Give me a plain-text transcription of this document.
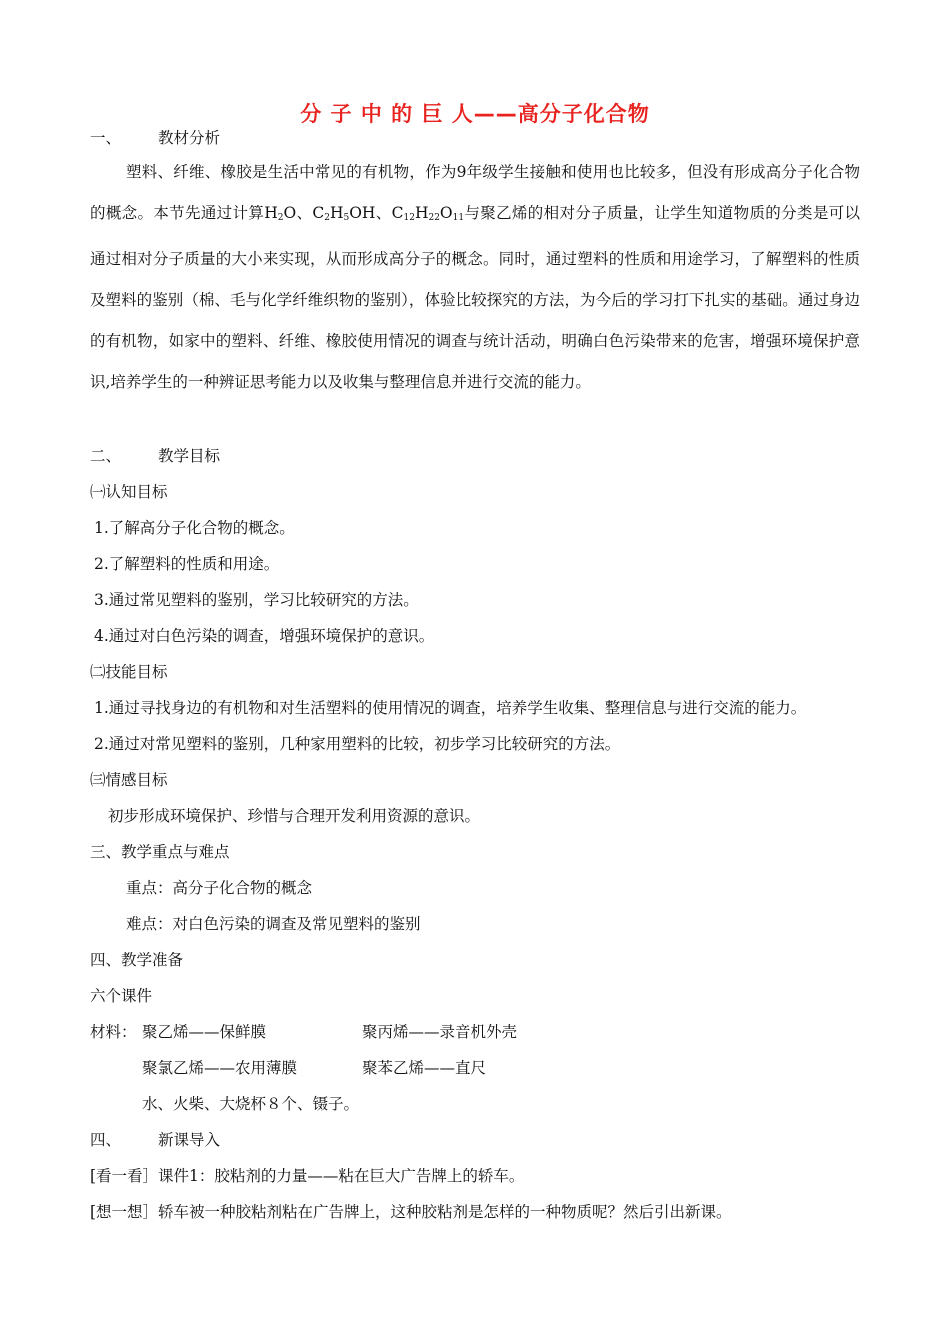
分 子 中 的 巨 人——高分子化合物
一、 教材分析
塑料、纤维、橡胶是生活中常见的有机物，作为9年级学生接触和使用也比较多，但没有形成高分子化合物的概念。本节先通过计算$H_2O$、$C_2H_5OH$、$C_{12}H_{22}O_{11}$与聚乙烯的相对分子质量，让学生知道物质的分类是可以通过相对分子质量的大小来实现，从而形成高分子的概念。同时，通过塑料的性质和用途学习，了解塑料的性质及塑料的鉴别（棉、毛与化学纤维织物的鉴别），体验比较探究的方法，为今后的学习打下扎实的基础。通过身边的有机物，如家中的塑料、纤维、橡胶使用情况的调查与统计活动，明确白色污染带来的危害，增强环境保护意识,培养学生的一种辨证思考能力以及收集与整理信息并进行交流的能力。
二、 教学目标
㈠认知目标
1.了解高分子化合物的概念。
2.了解塑料的性质和用途。
3.通过常见塑料的鉴别，学习比较研究的方法。
4.通过对白色污染的调查，增强环境保护的意识。
㈡技能目标
1.通过寻找身边的有机物和对生活塑料的使用情况的调查，培养学生收集、整理信息与进行交流的能力。
2.通过对常见塑料的鉴别，几种家用塑料的比较，初步学习比较研究的方法。
㈢情感目标
初步形成环境保护、珍惜与合理开发利用资源的意识。
三、教学重点与难点
重点：高分子化合物的概念
难点：对白色污染的调查及常见塑料的鉴别
四、教学准备
六个课件
材料： 聚乙烯——保鲜膜	聚丙烯——录音机外壳
聚氯乙烯——农用薄膜	聚苯乙烯——直尺
水、火柴、大烧杯８个、镊子。
四、 新课导入
[看一看］课件1：胶粘剂的力量——粘在巨大广告牌上的轿车。
[想一想］轿车被一种胶粘剂粘在广告牌上，这种胶粘剂是怎样的一种物质呢？然后引出新课。
